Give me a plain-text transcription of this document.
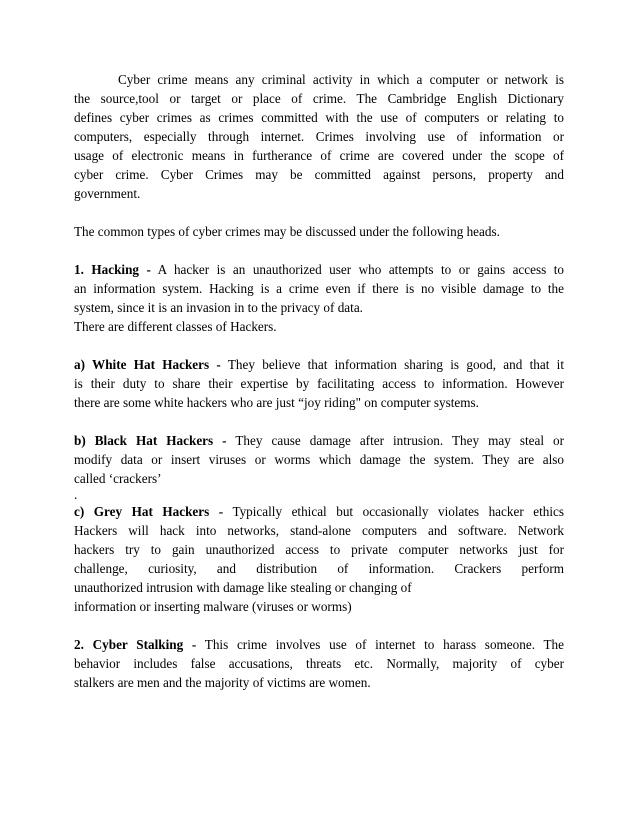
Cyber crime means any criminal activity in which a computer or network is
the source,tool or target or place of crime. The Cambridge English Dictionary
defines cyber crimes as crimes committed with the use of computers or relating to
computers, especially through internet. Crimes involving use of information or
usage of electronic means in furtherance of crime are covered under the scope of
cyber crime. Cyber Crimes may be committed against persons, property and
government.
The common types of cyber crimes may be discussed under the following heads.
1. Hacking - A hacker is an unauthorized user who attempts to or gains access to
an information system. Hacking is a crime even if there is no visible damage to the
system, since it is an invasion in to the privacy of data.
There are different classes of Hackers.
a) White Hat Hackers - They believe that information sharing is good, and that it
is their duty to share their expertise by facilitating access to information. However
there are some white hackers who are just “joy riding" on computer systems.
b) Black Hat Hackers - They cause damage after intrusion. They may steal or
modify data or insert viruses or worms which damage the system. They are also
called ‘crackers’
.
c) Grey Hat Hackers - Typically ethical but occasionally violates hacker ethics
Hackers will hack into networks, stand-alone computers and software. Network
hackers try to gain unauthorized access to private computer networks just for
challenge, curiosity, and distribution of information. Crackers perform
unauthorized intrusion with damage like stealing or changing of
information or inserting malware (viruses or worms)
2. Cyber Stalking - This crime involves use of internet to harass someone. The
behavior includes false accusations, threats etc. Normally, majority of cyber
stalkers are men and the majority of victims are women.
